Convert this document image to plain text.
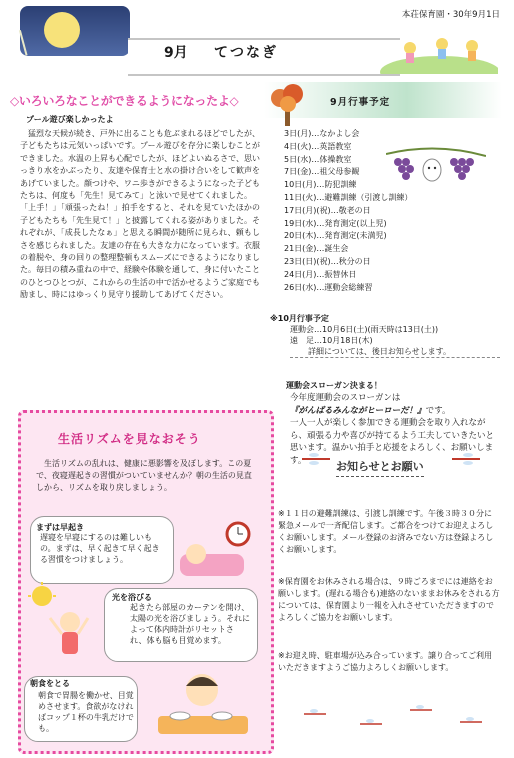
本荘保育園・30年9月1日
9月 てつなぎ
◇いろいろなことができるようになったよ◇
プール遊び楽しかったよ
　猛烈な天候が続き、戸外に出ることも危ぶまれるほどでしたが、子どもたちは元気いっぱいです。プール遊びを存分に楽しむことができました。水温の上昇も心配でしたが、ほどよいぬるさで、思いっきり水をかぶったり、友達や保育士と水の掛け合いをして歓声をあげていました。顔つけや、ワニ歩きができるようになった子どもたちは、何度も「先生！見てみて」と泳いで見せてくれました。
「上手！」「頑張ったね！」拍手をすると、それを見ていたほかの子どもたちも「先生見て！」と披露してくれる姿がありました。それぞれが、「成長したなぁ」と思える瞬間が随所に見られ、頼もしさを感じられました。友達の存在も大きな力になっています。衣服の着脱や、身の回りの整理整頓もスムーズにできるようになりました。毎日の積み重ねの中で、経験や体験を通して、身に付いたことのひとつひとつが、これからの生活の中で活かせるようご家庭でも励まし、時にはゆっくり見守り援助してあげてください。
9月行事予定
3日(月)…なかよし会
4日(火)…英語教室
5日(水)…体操教室
7日(金)…祖父母参観
10日(月)…防犯訓練
11日(火)…避難訓練（引渡し訓練）
17日(月)(祝)…敬老の日
19日(水)…発育測定(以上児)
20日(木)…発育測定(未満児)
21日(金)…誕生会
23日(日)(祝)…秋分の日
24日(月)…振替休日
26日(水)…運動会総練習
※10月行事予定
運動会…10月6日(土)(雨天時は13日(土))
遠　足…10月18日(木)
詳細については、後日お知らせします。
運動会スローガン決まる！
今年度運動会のスローガンは
『がんばるみんながヒーローだ！』です。
一人一人が楽しく参加できる運動会を取り入れながら、頑張る力や喜びが持てるよう工夫していきたいと思います。温かい拍手と応援をよろしく、お願いします。
生活リズムを見なおそう
　生活リズムの乱れは、健康に悪影響を及ぼします。この夏で、夜寝遅起きの習慣がついていませんか？朝の生活の見直しから、リズムを取り戻しましょう。
まずは早起き
遅寝を早寝にするのは難しいもの。まずは、早く起きて早く起きる習慣をつけましょう。
光を浴びる
起きたら部屋のカーテンを開け、太陽の光を浴びましょう。それによって体内時計がリセットされ、体も脳も目覚めます。
朝食をとる
朝食で胃腸を働かせ、目覚めさせます。食欲がなければコップ１杯の牛乳だけでも。
お知らせとお願い
※１１日の避難訓練は、引渡し訓練です。午後３時３０分に緊急メールで一斉配信します。ご都合をつけてお迎えよろしくお願いします。メール登録のお済みでない方は登録よろしくお願いします。
※保育園をお休みされる場合は、９時ごろまでには連絡をお願いします。(遅れる場合も)連絡のないままお休みをされる方については、保育園より一報を入れさせていただきますのでよろしくご協力をお願いします。
※お迎え時、駐車場が込み合っています。譲り合ってご利用いただきますようご協力よろしくお願いします。
